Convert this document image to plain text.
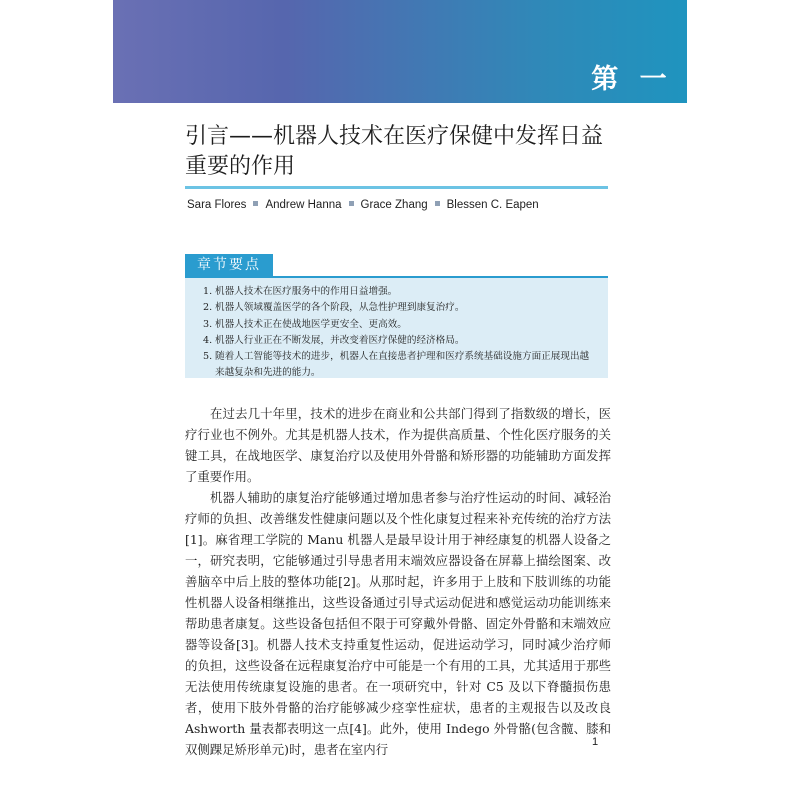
第 一 章
引言——机器人技术在医疗保健中发挥日益
重要的作用
Sara Flores Andrew Hanna Grace Zhang Blessen C. Eapen
章节要点
1. 机器人技术在医疗服务中的作用日益增强。
2. 机器人领域覆盖医学的各个阶段，从急性护理到康复治疗。
3. 机器人技术正在使战地医学更安全、更高效。
4. 机器人行业正在不断发展，并改变着医疗保健的经济格局。
5. 随着人工智能等技术的进步，机器人在直接患者护理和医疗系统基础设施方面正展现出越来越复杂和先进的能力。

在过去几十年里，技术的进步在商业和公共部门得到了指数级的增长，医疗行业也不例外。尤其是机器人技术，作为提供高质量、个性化医疗服务的关键工具，在战地医学、康复治疗以及使用外骨骼和矫形器的功能辅助方面发挥了重要作用。

机器人辅助的康复治疗能够通过增加患者参与治疗性运动的时间、减轻治疗师的负担、改善继发性健康问题以及个性化康复过程来补充传统的治疗方法[1]。麻省理工学院的 Manu 机器人是最早设计用于神经康复的机器人设备之一，研究表明，它能够通过引导患者用末端效应器设备在屏幕上描绘图案、改善脑卒中后上肢的整体功能[2]。从那时起，许多用于上肢和下肢训练的功能性机器人设备相继推出，这些设备通过引导式运动促进和感觉运动功能训练来帮助患者康复。这些设备包括但不限于可穿戴外骨骼、固定外骨骼和末端效应器等设备[3]。机器人技术支持重复性运动，促进运动学习，同时减少治疗师的负担，这些设备在远程康复治疗中可能是一个有用的工具，尤其适用于那些无法使用传统康复设施的患者。在一项研究中，针对 C5 及以下脊髓损伤患者，使用下肢外骨骼的治疗能够减少痉挛性症状，患者的主观报告以及改良 Ashworth 量表都表明这一点[4]。此外，使用 Indego 外骨骼(包含髋、膝和双侧踝足矫形单元)时，患者在室内行	1
